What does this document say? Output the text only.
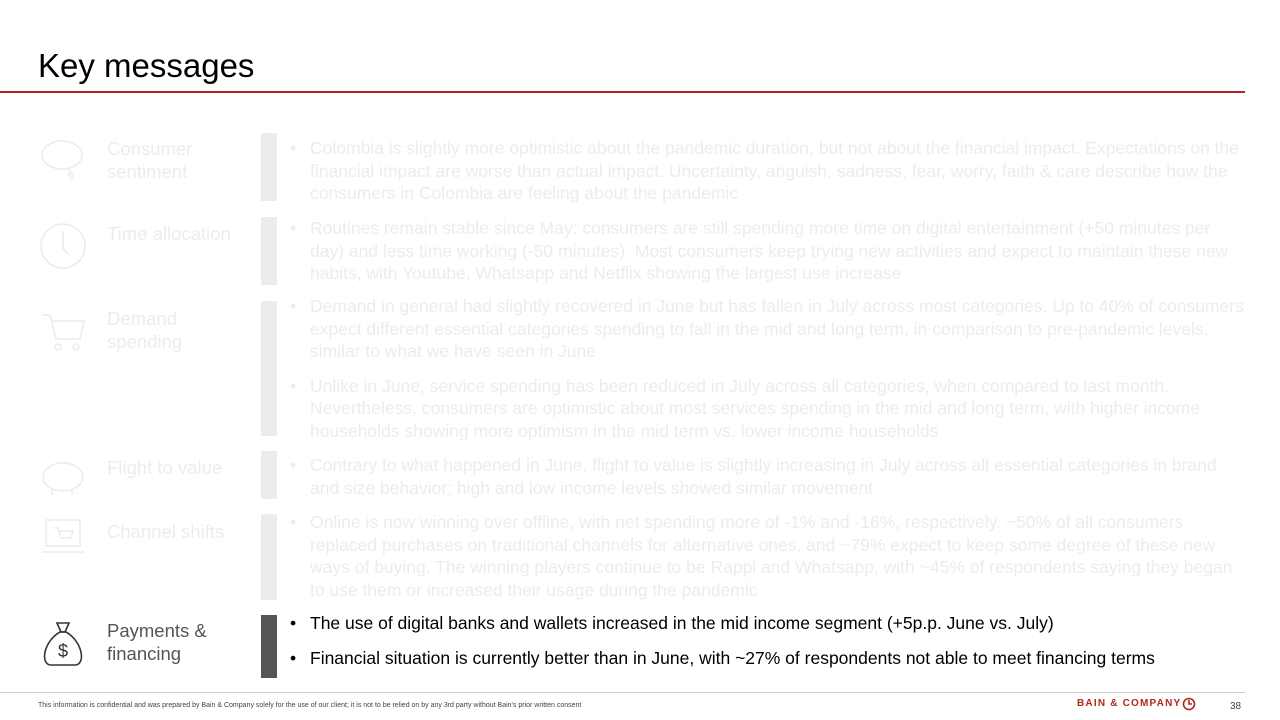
Key messages
Consumer sentiment
• Colombia is slightly more optimistic about the pandemic duration, but not about the financial impact. Expectations on the financial impact are worse than actual impact. Uncertainty, anguish, sadness, fear, worry, faith & care describe how the consumers in Colombia are feeling about the pandemic
Time allocation	• Routines remain stable since May: consumers are still spending more time on digital entertainment (+50 minutes per day) and less time working (-50 minutes). Most consumers keep trying new activities and expect to maintain these new habits, with Youtube, Whatsapp and Netflix showing the largest use increase
Demand spending
• Demand in general had slightly recovered in June but has fallen in July across most categories. Up to 40% of consumers expect different essential categories spending to fall in the mid and long term, in comparison to pre-pandemic levels, similar to what we have seen in June
• Unlike in June, service spending has been reduced in July across all categories, when compared to last month. Nevertheless, consumers are optimistic about most services spending in the mid and long term, with higher income households showing more optimism in the mid term vs. lower income households
Flight to value	• Contrary to what happened in June, flight to value is slightly increasing in July across all essential categories in brand and size behavior; high and low income levels showed similar movement
Channel shifts	• Online is now winning over offline, with net spending more of -1% and -16%, respectively. ~50% of all consumers replaced purchases on traditional channels for alternative ones, and ~79% expect to keep some degree of these new ways of buying. The winning players continue to be Rappi and Whatsapp, with ~45% of respondents saying they began to use them or increased their usage during the pandemic
$
Payments & financing
• The use of digital banks and wallets increased in the mid income segment (+5p.p. June vs. July)
• Financial situation is currently better than in June, with ~27% of respondents not able to meet financing terms
This information is confidential and was prepared by Bain & Company solely for the use of our client; it is not to be relied on by any 3rd party without Bain's prior written consent	BAIN & COMPANY	38
